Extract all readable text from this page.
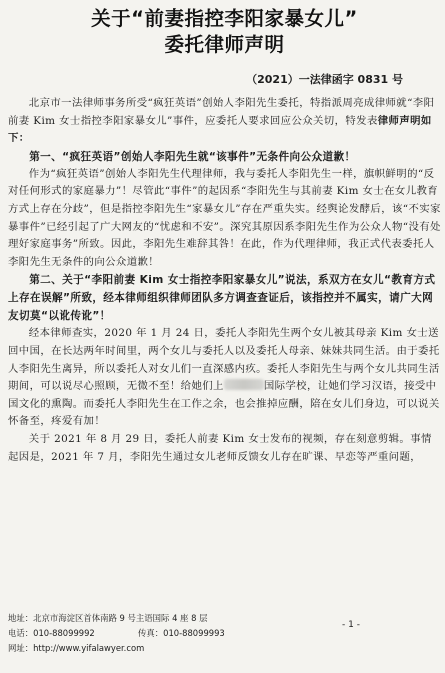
关于“前妻指控李阳家暴女儿”
委托律师声明
（2021）一法律函字 0831 号

北京市一法律师事务所受“疯狂英语”创始人李阳先生委托，特指派周亮成律师就“李阳前妻 Kim 女士指控李阳家暴女儿”事件，应委托人要求回应公众关切，特发表律师声明如下：

第一、“疯狂英语”创始人李阳先生就“该事件”无条件向公众道歉！

作为“疯狂英语”创始人李阳先生代理律师，我与委托人李阳先生一样，旗帜鲜明的“反对任何形式的家庭暴力”！尽管此“事件”的起因系“李阳先生与其前妻 Kim 女士在女儿教育方式上存在分歧”，但是指控李阳先生“家暴女儿”存在严重失实。经舆论发酵后，该“不实家暴事件”已经引起了广大网友的“忧虑和不安”。深究其原因系李阳先生作为公众人物“没有处理好家庭事务”所致。因此，李阳先生难辞其咎！在此，作为代理律师，我正式代表委托人李阳先生无条件的向公众道歉！

第二、关于“李阳前妻 Kim 女士指控李阳家暴女儿”说法，系双方在女儿“教育方式上存在误解”所致，经本律师组织律师团队多方调查查证后，该指控并不属实，请广大网友切莫“以讹传讹”！

经本律师查实，2020 年 1 月 24 日，委托人李阳先生两个女儿被其母亲 Kim 女士送回中国，在长达两年时间里，两个女儿与委托人以及委托人母亲、妹妹共同生活。由于委托人李阳先生离异，所以委托人对女儿们一直深感内疚。委托人李阳先生与两个女儿共同生活期间，可以说尽心照顾，无微不至！给她们上	国际学校，让她们学习汉语，接受中国文化的熏陶。而委托人李阳先生在工作之余，也会推掉应酬，陪在女儿们身边，可以说关怀备至，疼爱有加！

关于 2021 年 8 月 29 日，委托人前妻 Kim 女士发布的视频，存在刻意剪辑。事情起因是，2021 年 7 月，李阳先生通过女儿老师反馈女儿存在旷课、早恋等严重问题，

地址：北京市海淀区首体南路 9 号主语国际 4 座 8 层
电话：010-88099992	传真：010-88099993
网址：http://www.yifalawyer.com
- 1 -
